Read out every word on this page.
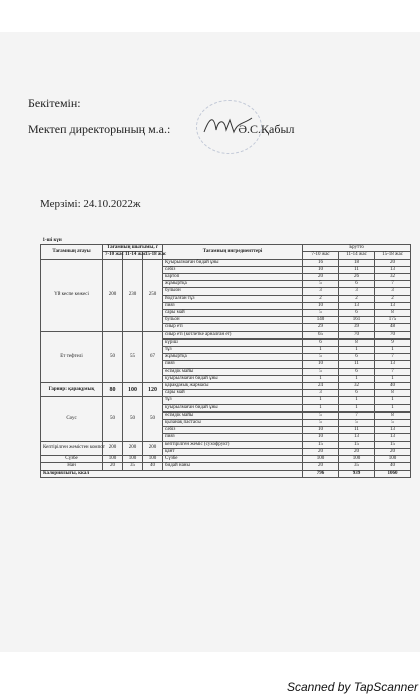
Бекітемін:
Мектеп директорының м.а.:	Ә.С.Қабыл
Мерзімі: 24.10.2022ж
1-ші күн							
Тағамның атауы	Тағамның шығымы, г			Тағамның ингредиенттері	Брутто		
	7-10 жас	11-14 жас	15-18 жас		7-10 жас	11-14 жас	15-18 жас
Үй кеспе көжесі	200	230	250	Қуырылмаған бидай ұны	16	18	20
				сәбіз	10	11	13
				картоп	20	26	32
				жұмыртқа	5	6	7
				булыон	3	3	3
				йодталған тұз	2	2	2
				пияз	10	13	13
				сары май	5	6	8
				бульон	140	161	175
				сиыр еті	29	39	48
Ет тефтелі	50	55	67	сиыр еті (котлетке арналған ет)	65	70	70

				күріш	6	8	9
				тұз	1	1	1
				жұмыртқа	5	6	7
				пияз	10	11	13
				өсімдік майы	5	6	7
				қуырылмаған бидай ұны	1	1	1
Гарнир: қарақұмық	80	100	120	қарақұмық жармасы	24	32	40
				сары май	3	6	8
Соус	50	50	50	тұз	1	1	1
				қуырылмаған бидай ұны	1	1	1

				өсімдік майы	5	7	8
				қызанақ пастасы	5	5	5
				сәбіз	10	11	13
				пияз	10	13	13
Кептірілген жемістен компот	200	200	200	кептірілген жеміс (сухофрукт)	15	15	15
				қант	20	20	20
Сүзбе	100	100	100	Сүзбе	100	100	100
Нан	20	35	40	бидай наны	20	35	40
Калориялығы, ккал					796	939	1060
Scanned by TapScanner
